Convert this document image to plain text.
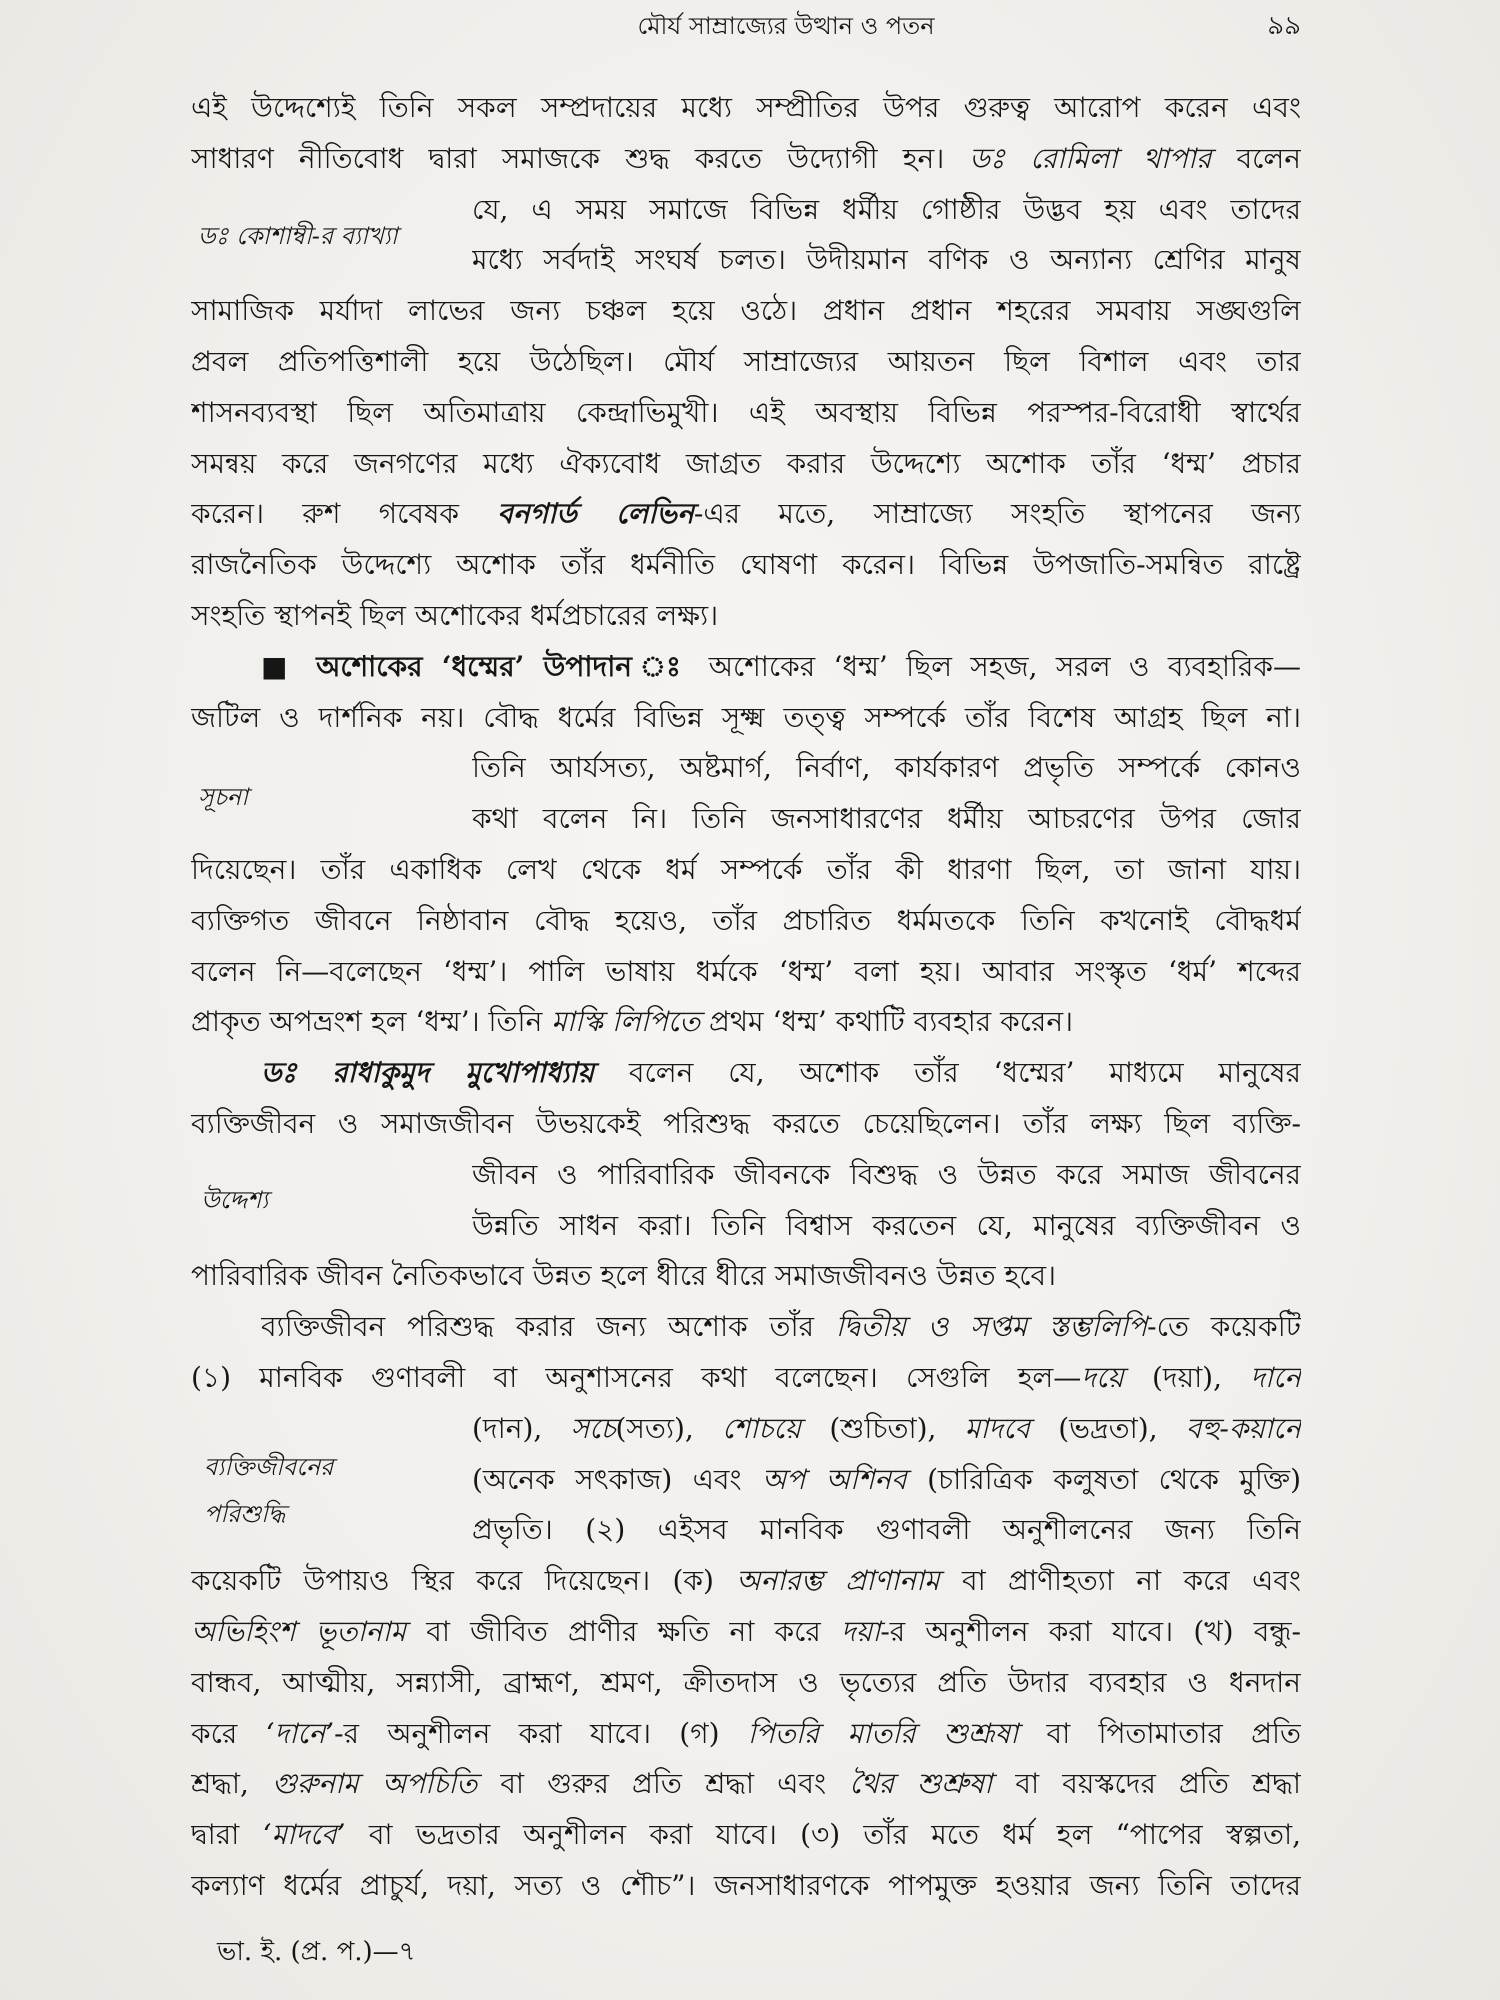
মৌর্য সাম্রাজ্যের উত্থান ও পতন	৯৯
ডঃ কোশাম্বী-র ব্যাখ্যা
সূচনা
উদ্দেশ্য
ব্যক্তিজীবনের
পরিশুদ্ধি
এই উদ্দেশ্যেই তিনি সকল সম্প্রদায়ের মধ্যে সম্প্রীতির উপর গুরুত্ব আরোপ করেন এবং
সাধারণ নীতিবোধ দ্বারা সমাজকে শুদ্ধ করতে উদ্যোগী হন। ডঃ রোমিলা থাপার বলেন
যে, এ সময় সমাজে বিভিন্ন ধর্মীয় গোষ্ঠীর উদ্ভব হয় এবং তাদের
মধ্যে সর্বদাই সংঘর্ষ চলত। উদীয়মান বণিক ও অন্যান্য শ্রেণির মানুষ
সামাজিক মর্যাদা লাভের জন্য চঞ্চল হয়ে ওঠে। প্রধান প্রধান শহরের সমবায় সঙ্ঘগুলি
প্রবল প্রতিপত্তিশালী হয়ে উঠেছিল। মৌর্য সাম্রাজ্যের আয়তন ছিল বিশাল এবং তার
শাসনব্যবস্থা ছিল অতিমাত্রায় কেন্দ্রাভিমুখী। এই অবস্থায় বিভিন্ন পরস্পর-বিরোধী স্বার্থের
সমন্বয় করে জনগণের মধ্যে ঐক্যবোধ জাগ্রত করার উদ্দেশ্যে অশোক তাঁর ‘ধম্ম’ প্রচার
করেন। রুশ গবেষক বনগার্ড লেভিন-এর মতে, সাম্রাজ্যে সংহতি স্থাপনের জন্য
রাজনৈতিক উদ্দেশ্যে অশোক তাঁর ধর্মনীতি ঘোষণা করেন। বিভিন্ন উপজাতি-সমন্বিত রাষ্ট্রে
সংহতি স্থাপনই ছিল অশোকের ধর্মপ্রচারের লক্ষ্য।
■ অশোকের ‘ধম্মের’ উপাদান ঃ অশোকের ‘ধম্ম’ ছিল সহজ, সরল ও ব্যবহারিক—
জটিল ও দার্শনিক নয়। বৌদ্ধ ধর্মের বিভিন্ন সূক্ষ্ম তত্ত্ব সম্পর্কে তাঁর বিশেষ আগ্রহ ছিল না।
তিনি আর্যসত্য, অষ্টমার্গ, নির্বাণ, কার্যকারণ প্রভৃতি সম্পর্কে কোনও
কথা বলেন নি। তিনি জনসাধারণের ধর্মীয় আচরণের উপর জোর
দিয়েছেন। তাঁর একাধিক লেখ থেকে ধর্ম সম্পর্কে তাঁর কী ধারণা ছিল, তা জানা যায়।
ব্যক্তিগত জীবনে নিষ্ঠাবান বৌদ্ধ হয়েও, তাঁর প্রচারিত ধর্মমতকে তিনি কখনোই বৌদ্ধধর্ম
বলেন নি—বলেছেন ‘ধম্ম’। পালি ভাষায় ধর্মকে ‘ধম্ম’ বলা হয়। আবার সংস্কৃত ‘ধর্ম’ শব্দের
প্রাকৃত অপভ্রংশ হল ‘ধম্ম’। তিনি মাস্কি লিপিতে প্রথম ‘ধম্ম’ কথাটি ব্যবহার করেন।
ডঃ রাধাকুমুদ মুখোপাধ্যায় বলেন যে, অশোক তাঁর ‘ধম্মের’ মাধ্যমে মানুষের
ব্যক্তিজীবন ও সমাজজীবন উভয়কেই পরিশুদ্ধ করতে চেয়েছিলেন। তাঁর লক্ষ্য ছিল ব্যক্তি-
জীবন ও পারিবারিক জীবনকে বিশুদ্ধ ও উন্নত করে সমাজ জীবনের
উন্নতি সাধন করা। তিনি বিশ্বাস করতেন যে, মানুষের ব্যক্তিজীবন ও
পারিবারিক জীবন নৈতিকভাবে উন্নত হলে ধীরে ধীরে সমাজজীবনও উন্নত হবে।
ব্যক্তিজীবন পরিশুদ্ধ করার জন্য অশোক তাঁর দ্বিতীয় ও সপ্তম স্তম্ভলিপি-তে কয়েকটি
(১) মানবিক গুণাবলী বা অনুশাসনের কথা বলেছেন। সেগুলি হল—দয়ে (দয়া), দানে
(দান), সচে(সত্য), শোচয়ে (শুচিতা), মাদবে (ভদ্রতা), বহু-কয়ানে
(অনেক সৎকাজ) এবং অপ অশিনব (চারিত্রিক কলুষতা থেকে মুক্তি)
প্রভৃতি। (২) এইসব মানবিক গুণাবলী অনুশীলনের জন্য তিনি
কয়েকটি উপায়ও স্থির করে দিয়েছেন। (ক) অনারম্ভ প্রাণানাম বা প্রাণীহত্যা না করে এবং
অভিহিংশ ভূতানাম বা জীবিত প্রাণীর ক্ষতি না করে দয়া-র অনুশীলন করা যাবে। (খ) বন্ধু-
বান্ধব, আত্মীয়, সন্ন্যাসী, ব্রাহ্মণ, শ্রমণ, ক্রীতদাস ও ভৃত্যের প্রতি উদার ব্যবহার ও ধনদান
করে ‘দানে’-র অনুশীলন করা যাবে। (গ) পিতরি মাতরি শুশ্রূষা বা পিতামাতার প্রতি
শ্রদ্ধা, গুরুনাম অপচিতি বা গুরুর প্রতি শ্রদ্ধা এবং থৈর শুশ্রুষা বা বয়স্কদের প্রতি শ্রদ্ধা
দ্বারা ‘মাদবে’ বা ভদ্রতার অনুশীলন করা যাবে। (৩) তাঁর মতে ধর্ম হল “পাপের স্বল্পতা,
কল্যাণ ধর্মের প্রাচুর্য, দয়া, সত্য ও শৌচ”। জনসাধারণকে পাপমুক্ত হওয়ার জন্য তিনি তাদের
ভা. ই. (প্র. প.)—৭
